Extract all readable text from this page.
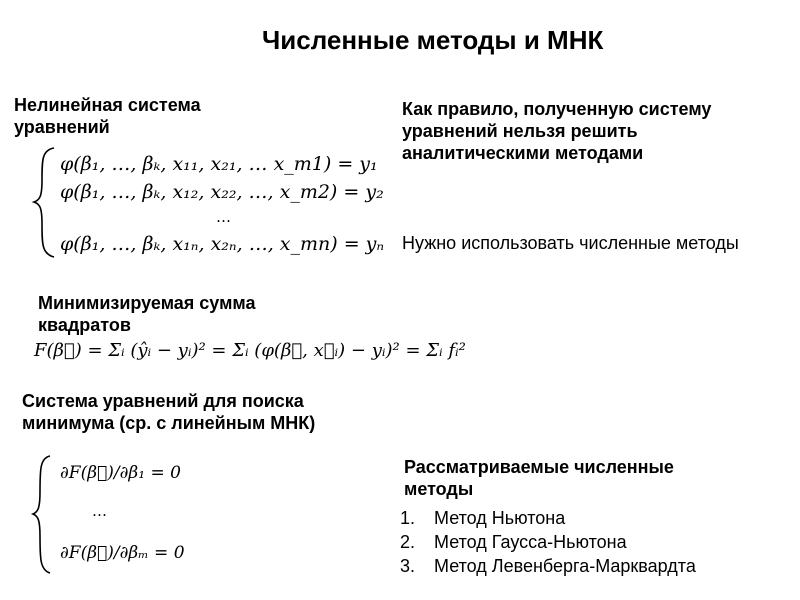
Численные методы и МНК
Нелинейная система уравнений
φ(β₁, …, βₖ, x₁₁, x₂₁, … x_m1) = y₁
φ(β₁, …, βₖ, x₁₂, x₂₂, …, x_m2) = y₂
…
φ(β₁, …, βₖ, x₁ₙ, x₂ₙ, …, x_mn) = yₙ
Как правило, полученную систему уравнений нельзя решить аналитическими методами
Нужно использовать численные методы
Минимизируемая сумма квадратов
F(β⃗) = Σᵢ (ŷᵢ − yᵢ)² = Σᵢ (φ(β⃗, x⃗ᵢ) − yᵢ)² = Σᵢ fᵢ²
Система уравнений для поиска минимума (ср. с линейным МНК)
∂F(β⃗)/∂β₁ = 0
…
∂F(β⃗)/∂βₘ = 0
Рассматриваемые численные методы
1. Метод Ньютона
2. Метод Гаусса-Ньютона
3. Метод Левенберга-Марквардта
